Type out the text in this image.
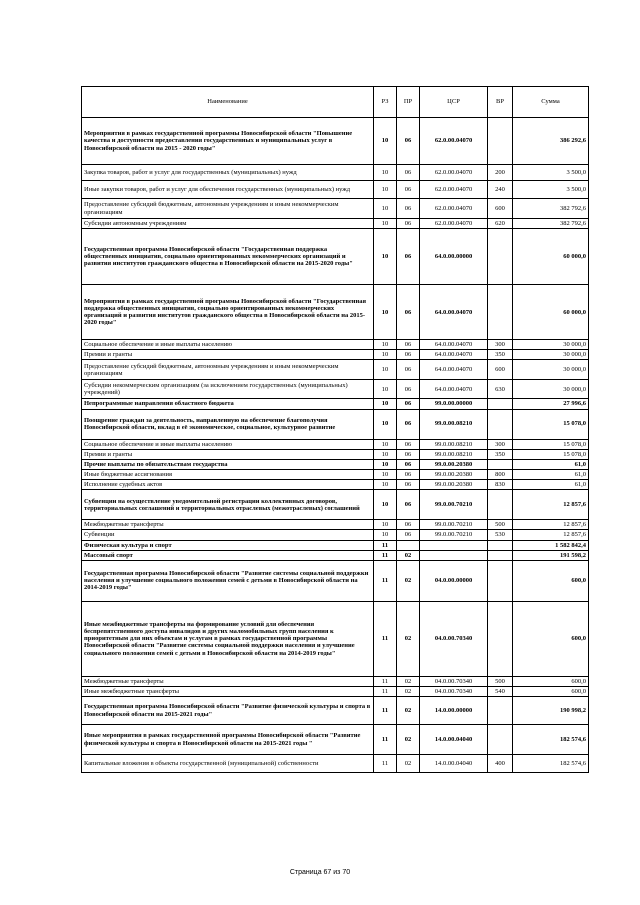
Наименование	РЗ	ПР	ЦСР	ВР	Сумма
Мероприятия в рамках государственной программы Новосибирской области "Повышение качества и доступности предоставления государственных и муниципальных услуг в Новосибирской области на 2015 - 2020 годы"	10	06	62.0.00.04070		386 292,6
Закупка товаров, работ и услуг для государственных (муниципальных) нужд	10	06	62.0.00.04070	200	3 500,0
Иные закупки товаров, работ и услуг для обеспечения государственных (муниципальных) нужд	10	06	62.0.00.04070	240	3 500,0
Предоставление субсидий бюджетным, автономным учреждениям и иным некоммерческим организациям	10	06	62.0.00.04070	600	382 792,6
Субсидии автономным учреждениям	10	06	62.0.00.04070	620	382 792,6
Государственная программа Новосибирской области "Государственная поддержка общественных инициатив, социально ориентированных некоммерческих организаций и развития институтов гражданского общества в Новосибирской области на 2015-2020 годы"	10	06	64.0.00.00000		60 000,0
Мероприятия в рамках государственной программы Новосибирской области "Государственная поддержка общественных инициатив, социально ориентированных некоммерческих организаций и развития институтов гражданского общества в Новосибирской области на 2015-2020 годы"	10	06	64.0.00.04070		60 000,0
Социальное обеспечение и иные выплаты населению	10	06	64.0.00.04070	300	30 000,0
Премии и гранты	10	06	64.0.00.04070	350	30 000,0
Предоставление субсидий бюджетным, автономным учреждениям и иным некоммерческим организациям	10	06	64.0.00.04070	600	30 000,0
Субсидии некоммерческим организациям (за исключением государственных (муниципальных) учреждений)	10	06	64.0.00.04070	630	30 000,0
Непрограммные направления областного бюджета	10	06	99.0.00.00000		27 996,6
Поощрение граждан за деятельность, направленную на обеспечение благополучия Новосибирской области, вклад в её экономическое, социальное, культурное развитие	10	06	99.0.00.08210		15 078,0
Социальное обеспечение и иные выплаты населению	10	06	99.0.00.08210	300	15 078,0
Премии и гранты	10	06	99.0.00.08210	350	15 078,0
Прочие выплаты по обязательствам государства	10	06	99.0.00.20380		61,0
Иные бюджетные ассигнования	10	06	99.0.00.20380	800	61,0
Исполнение судебных актов	10	06	99.0.00.20380	830	61,0
Субвенции на осуществление уведомительной регистрации коллективных договоров, территориальных соглашений и территориальных отраслевых (межотраслевых) соглашений	10	06	99.0.00.70210		12 857,6
Межбюджетные трансферты	10	06	99.0.00.70210	500	12 857,6
Субвенции	10	06	99.0.00.70210	530	12 857,6
Физическая культура и спорт	11				1 582 842,4
Массовый спорт	11	02			191 598,2
Государственная программа Новосибирской области "Развитие системы социальной поддержки населения и улучшение социального положения семей с детьми в Новосибирской области на 2014-2019 годы"	11	02	04.0.00.00000		600,0
Иные межбюджетные трансферты на формирование условий для обеспечения беспрепятственного доступа инвалидов и других маломобильных групп населения к приоритетным для них объектам и услугам в рамках государственной программы Новосибирской области "Развитие системы социальной поддержки населения и улучшение социального положения семей с детьми в Новосибирской области на 2014-2019 годы"	11	02	04.0.00.70340		600,0
Межбюджетные трансферты	11	02	04.0.00.70340	500	600,0
Иные межбюджетные трансферты	11	02	04.0.00.70340	540	600,0
Государственная программа Новосибирской области "Развитие физической культуры и спорта в Новосибирской области на 2015-2021 годы"	11	02	14.0.00.00000		190 998,2
Иные мероприятия в рамках государственной программы Новосибирской области "Развитие физической культуры и спорта в Новосибирской области на 2015-2021 годы "	11	02	14.0.00.04040		182 574,6
Капитальные вложения в объекты государственной (муниципальной) собственности	11	02	14.0.00.04040	400	182 574,6
Страница 67 из 70
